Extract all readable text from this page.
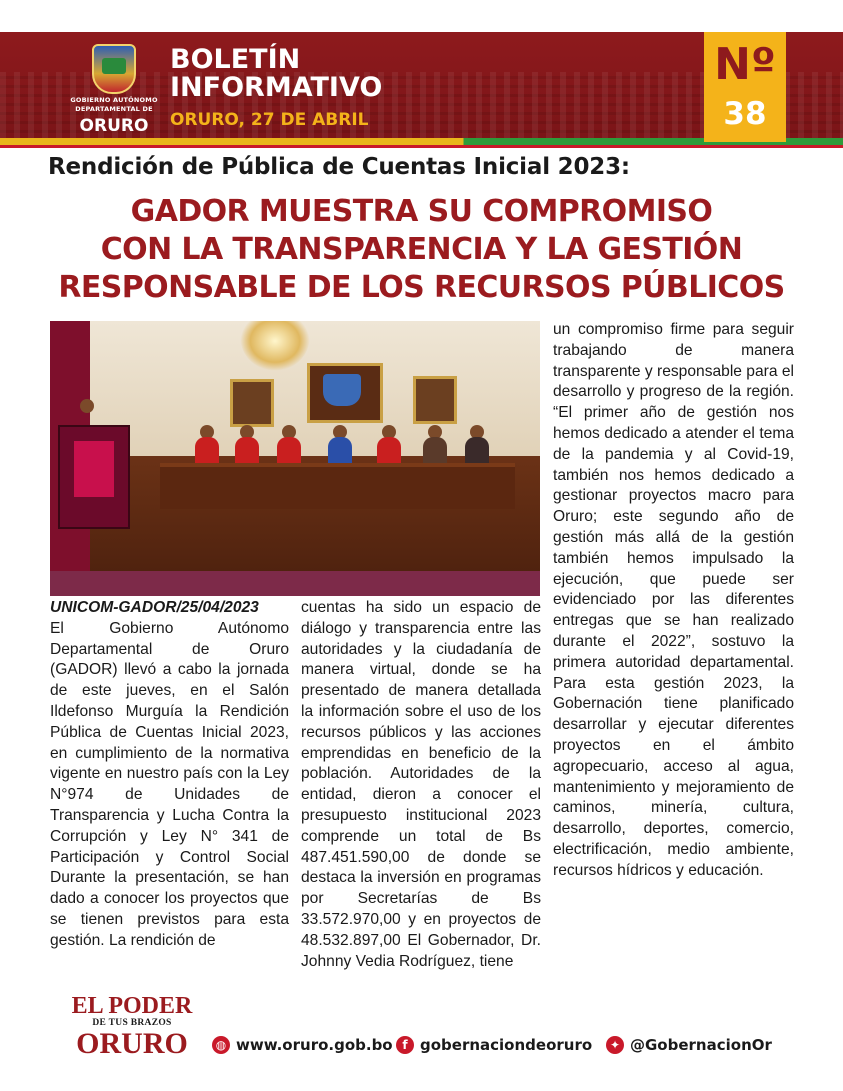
GOBIERNO AUTÓNOMO
DEPARTAMENTAL DE
ORURO
BOLETÍN
INFORMATIVO
ORURO, 27 DE ABRIL
Nº
38
Rendición de Pública de Cuentas Inicial 2023:
GADOR MUESTRA SU COMPROMISO
CON LA TRANSPARENCIA Y LA GESTIÓN
RESPONSABLE DE LOS RECURSOS PÚBLICOS

UNICOM-GADOR/25/04/2023

El Gobierno Autónomo Departamental de Oruro (GADOR) llevó a cabo la jornada de este jueves, en el Salón Ildefonso Murguía la Rendición Pública de Cuentas Inicial 2023, en cumplimiento de la normativa vigente en nuestro país con la Ley N°974 de Unidades de Transparencia y Lucha Contra la Corrupción y Ley N° 341 de Participación y Control Social Durante la presentación, se han dado a conocer los proyectos que se tienen previstos para esta gestión. La rendición de

cuentas ha sido un espacio de diálogo y transparencia entre las autoridades y la ciudadanía de manera virtual, donde se ha presentado de manera detallada la información sobre el uso de los recursos públicos y las acciones emprendidas en beneficio de la población. Autoridades de la entidad, dieron a conocer el presupuesto institucional 2023 comprende un total de Bs 487.451.590,00 de donde se destaca la inversión en programas por Secretarías de Bs 33.572.970,00 y en proyectos de 48.532.897,00 El Gobernador, Dr. Johnny Vedia Rodríguez, tiene

un compromiso firme para seguir trabajando de manera transparente y responsable para el desarrollo y progreso de la región. “El primer año de gestión nos hemos dedicado a atender el tema de la pandemia y al Covid-19, también nos hemos dedicado a gestionar proyectos macro para Oruro; este segundo año de gestión más allá de la gestión también hemos impulsado la ejecución, que puede ser evidenciado por las diferentes entregas que se han realizado durante el 2022”, sostuvo la primera autoridad departamental. Para esta gestión 2023, la Gobernación tiene planificado desarrollar y ejecutar diferentes proyectos en el ámbito agropecuario, acceso al agua, mantenimiento y mejoramiento de caminos, minería, cultura, desarrollo, deportes, comercio, electrificación, medio ambiente, recursos hídricos y educación.

EL PODER
DE TUS BRAZOS
ORURO	◍ www.oruro.gob.bo f gobernaciondeoruro	✦ @GobernacionOr
